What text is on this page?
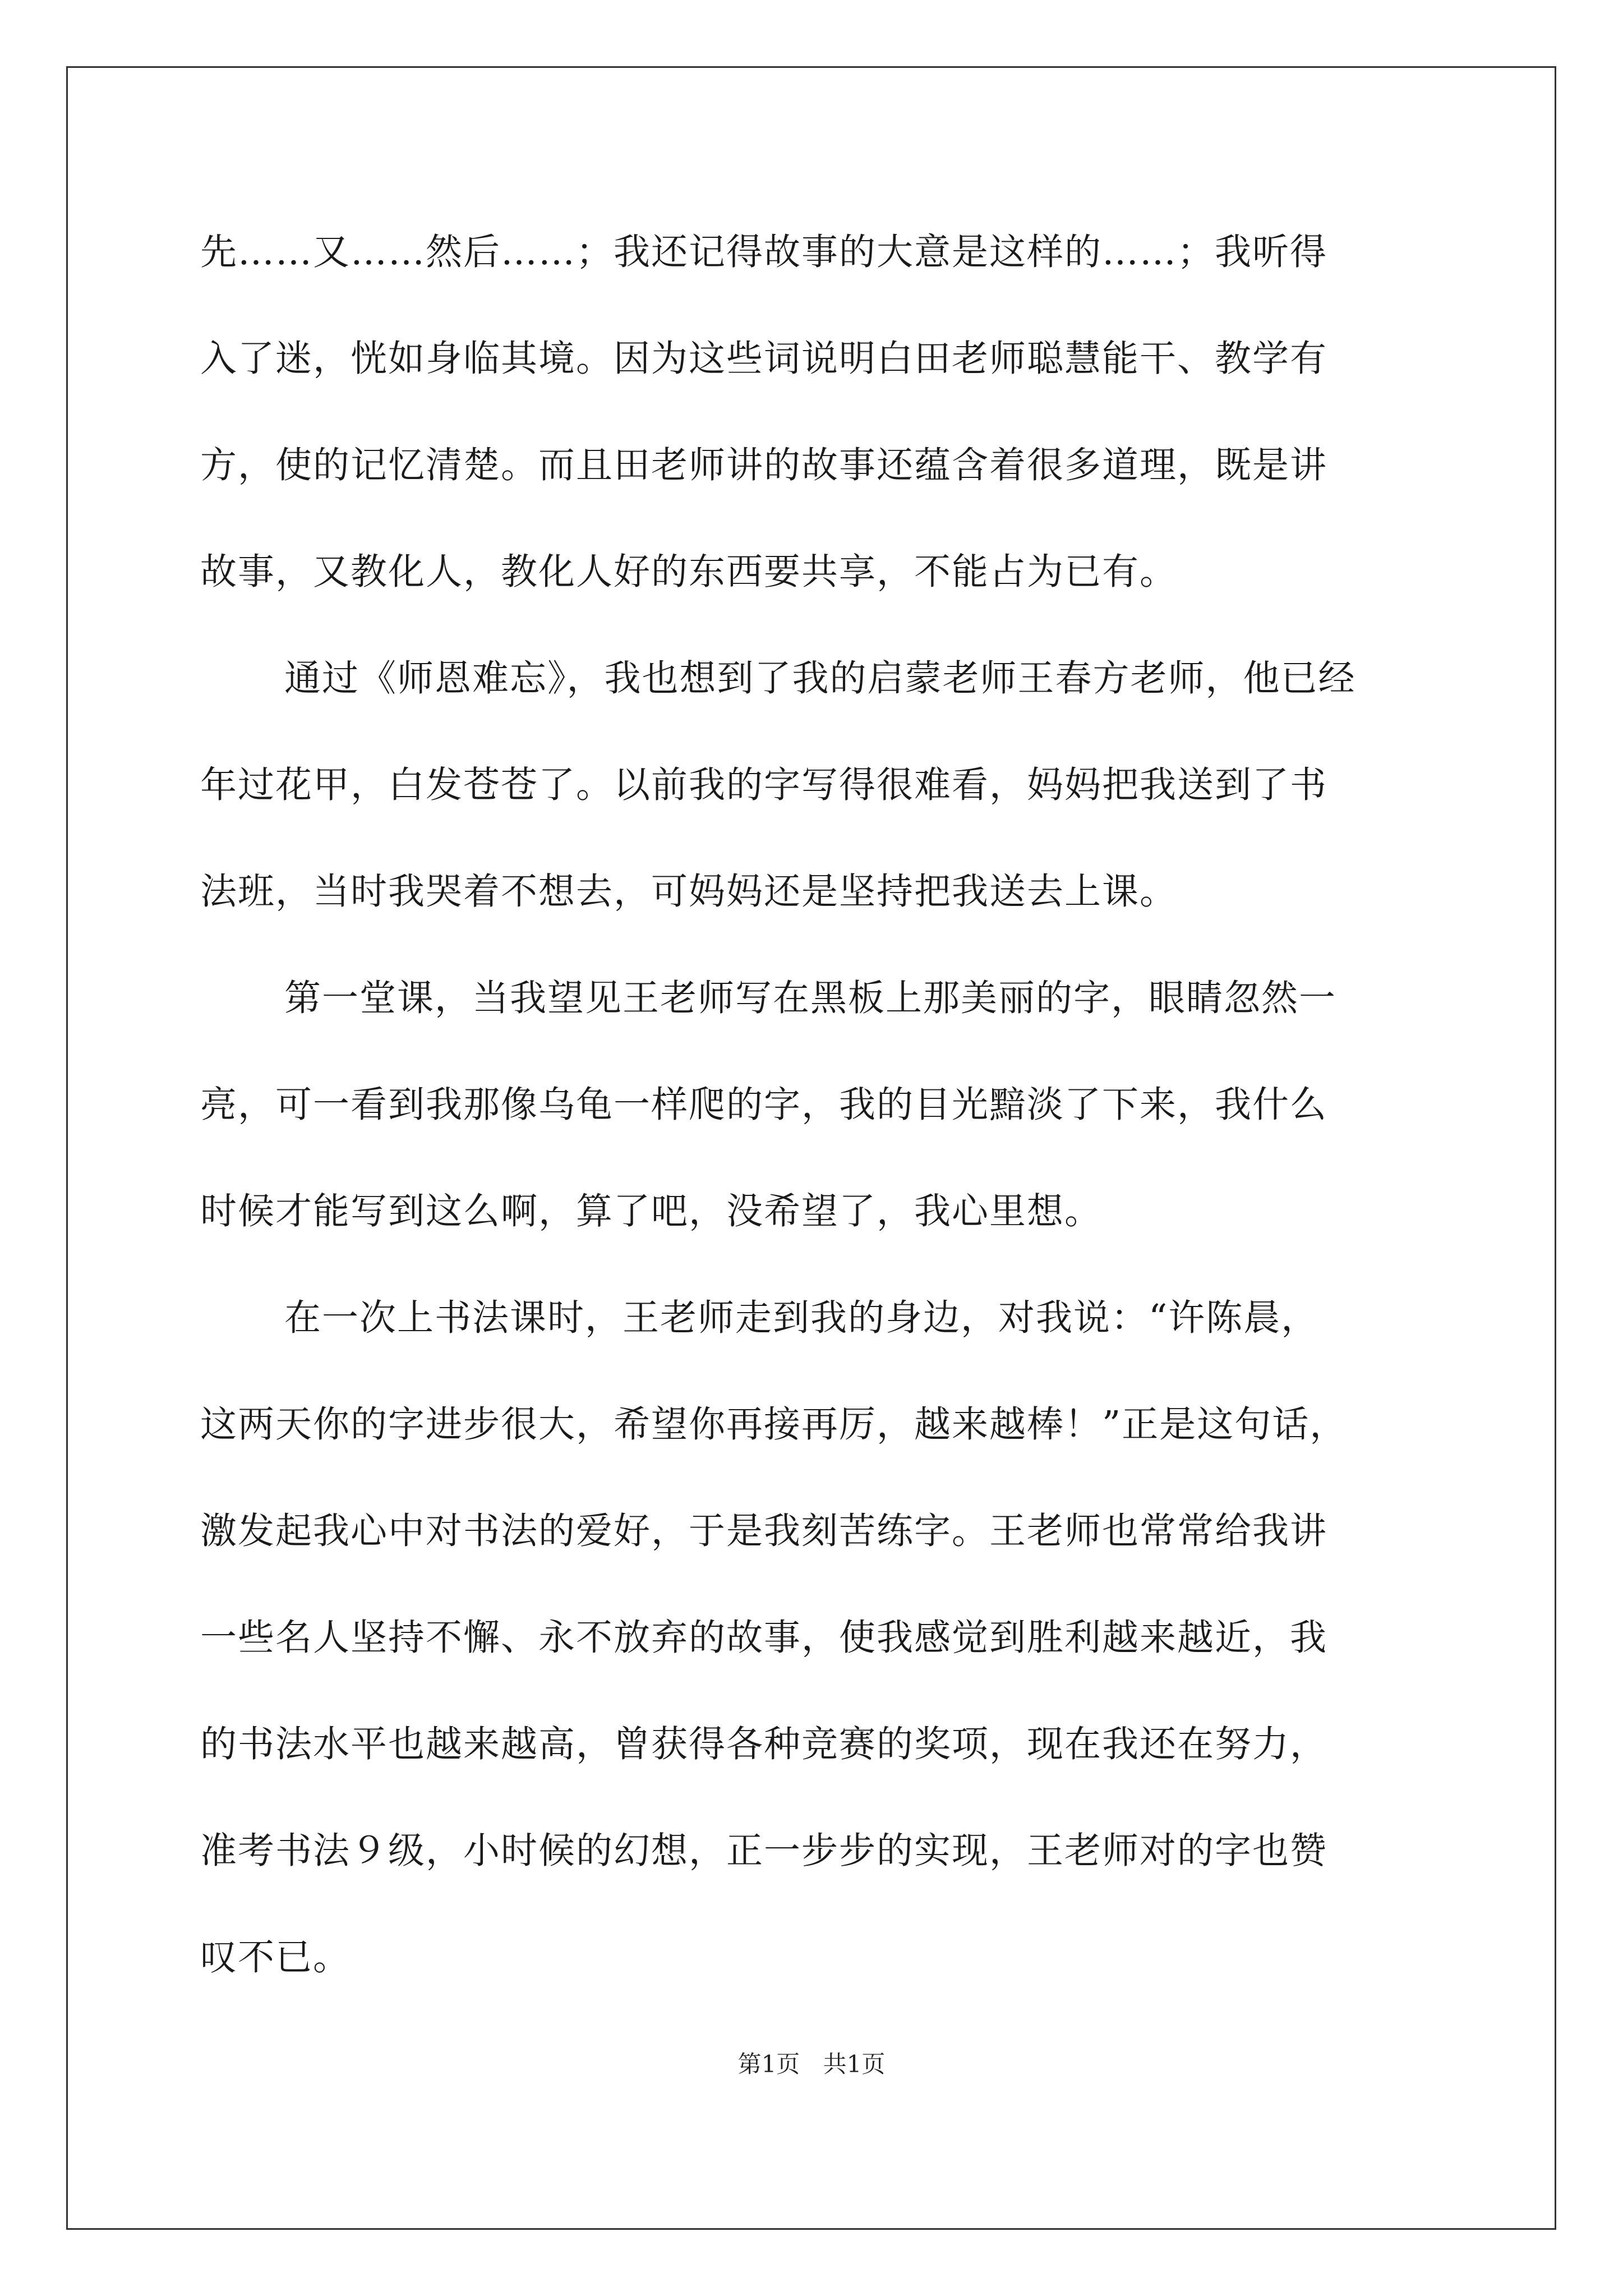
先……又……然后……；我还记得故事的大意是这样的……；我听得
入了迷，恍如身临其境。因为这些词说明白田老师聪慧能干、教学有
方，使的记忆清楚。而且田老师讲的故事还蕴含着很多道理，既是讲
故事，又教化人，教化人好的东西要共享，不能占为已有。
通过《师恩难忘》，我也想到了我的启蒙老师王春方老师，他已经
年过花甲，白发苍苍了。以前我的字写得很难看，妈妈把我送到了书
法班，当时我哭着不想去，可妈妈还是坚持把我送去上课。
第一堂课，当我望见王老师写在黑板上那美丽的字，眼睛忽然一
亮，可一看到我那像乌龟一样爬的字，我的目光黯淡了下来，我什么
时候才能写到这么啊，算了吧，没希望了，我心里想。
在一次上书法课时，王老师走到我的身边，对我说：“许陈晨，
这两天你的字进步很大，希望你再接再厉，越来越棒！”正是这句话，
激发起我心中对书法的爱好，于是我刻苦练字。王老师也常常给我讲
一些名人坚持不懈、永不放弃的故事，使我感觉到胜利越来越近，我
的书法水平也越来越高，曾获得各种竞赛的奖项，现在我还在努力，
准考书法９级，小时候的幻想，正一步步的实现，王老师对的字也赞
叹不已。
第1页 共1页
